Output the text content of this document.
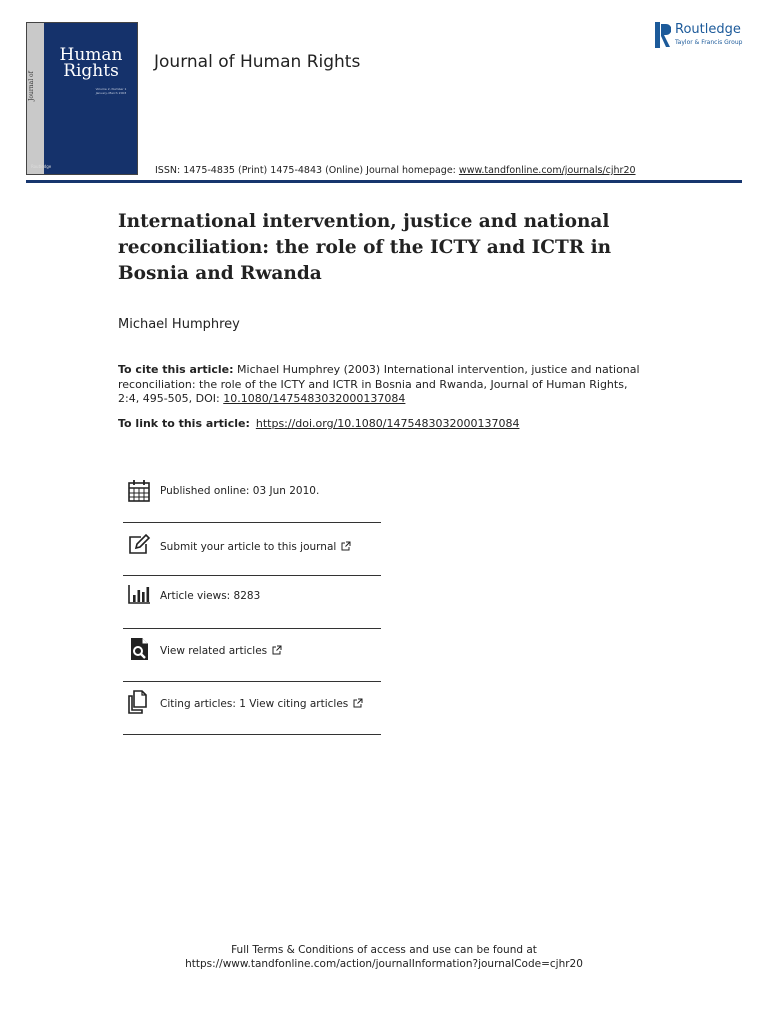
Journal of
Human
Rights
Volume 2, Number 1 January–March 2003
Routledge
Journal of Human Rights
ISSN: 1475-4835 (Print) 1475-4843 (Online) Journal homepage: www.tandfonline.com/journals/cjhr20
Routledge
Taylor & Francis Group
International intervention, justice and national reconciliation: the role of the ICTY and ICTR in Bosnia and Rwanda
Michael Humphrey
To cite this article: Michael Humphrey (2003) International intervention, justice and national reconciliation: the role of the ICTY and ICTR in Bosnia and Rwanda, Journal of Human Rights, 2:4, 495-505, DOI: 10.1080/1475483032000137084
To link to this article: https://doi.org/10.1080/1475483032000137084
Published online: 03 Jun 2010.
Submit your article to this journal
Article views: 8283
View related articles
Citing articles: 1 View citing articles
Full Terms & Conditions of access and use can be found at
https://www.tandfonline.com/action/journalInformation?journalCode=cjhr20
